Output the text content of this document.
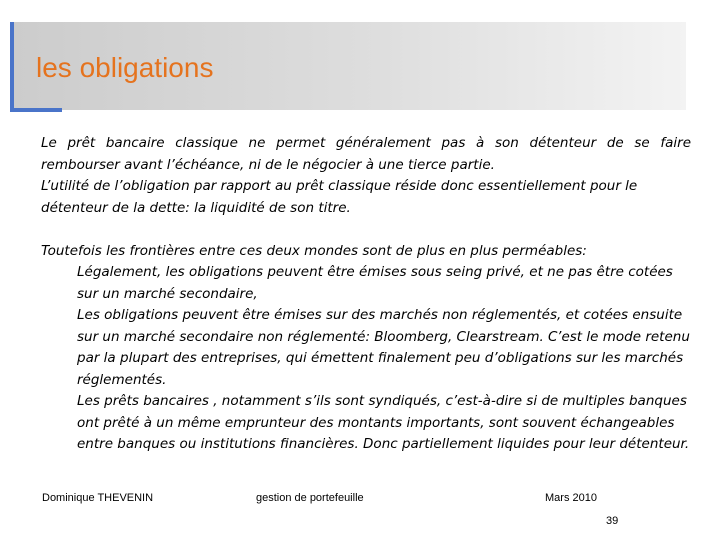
les obligations

Le prêt bancaire classique ne permet généralement pas à son détenteur de se faire rembourser avant l’échéance, ni de le négocier à une tierce partie.

L’utilité de l’obligation par rapport au prêt classique réside donc essentiellement pour le détenteur de la dette: la liquidité de son titre.

Toutefois les frontières entre ces deux mondes sont de plus en plus perméables:

Légalement, les obligations peuvent être émises sous seing privé, et ne pas être cotées sur un marché secondaire,

Les obligations peuvent être émises sur des marchés non réglementés, et cotées ensuite sur un marché secondaire non réglementé: Bloomberg, Clearstream. C’est le mode retenu par la plupart des entreprises, qui émettent finalement peu d’obligations sur les marchés réglementés.

Les prêts bancaires , notamment s’ils sont syndiqués, c’est-à-dire si de multiples banques ont prêté à un même emprunteur des montants importants, sont souvent échangeables entre banques ou institutions financières. Donc partiellement liquides pour leur détenteur.

Dominique THEVENIN	gestion de portefeuille	Mars 2010
39
